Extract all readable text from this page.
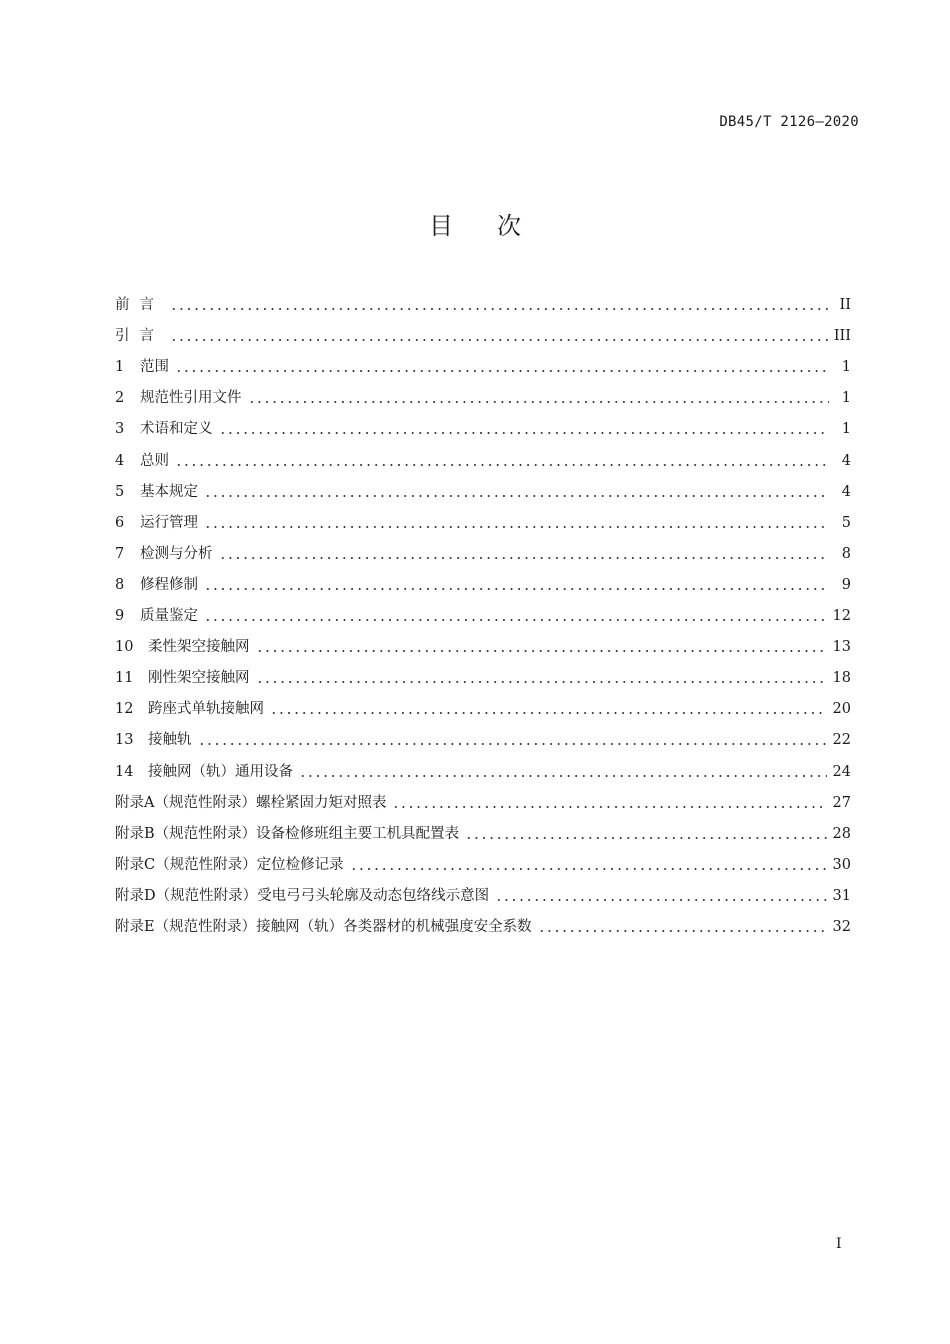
DB45/T 2126—2020
目次
前言	II
引言	III
1	范围	1
2	规范性引用文件	1
3	术语和定义	1
4	总则	4
5	基本规定	4
6	运行管理	5
7	检测与分析	8
8	修程修制	9
9	质量鉴定	12
10	柔性架空接触网	13
11	刚性架空接触网	18
12	跨座式单轨接触网	20
13	接触轨	22
14	接触网（轨）通用设备	24
附录A（规范性附录）螺栓紧固力矩对照表	27
附录B（规范性附录）设备检修班组主要工机具配置表	28
附录C（规范性附录）定位检修记录	30
附录D（规范性附录）受电弓弓头轮廓及动态包络线示意图	31
附录E（规范性附录）接触网（轨）各类器材的机械强度安全系数	32
I
